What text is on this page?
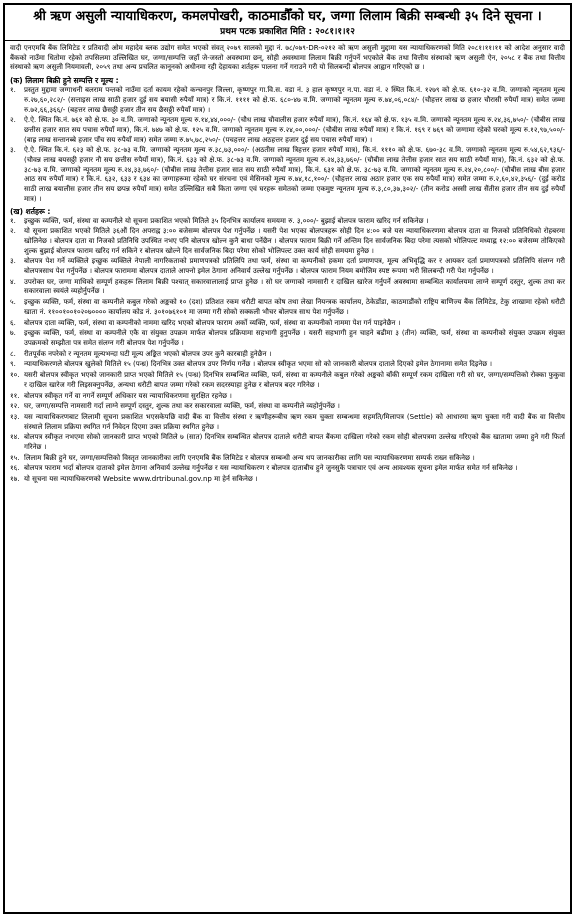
श्री ऋण असुली न्यायाधिकरण, कमलपोखरी, काठमाडौँको घर, जग्गा लिलाम बिक्री सम्बन्धी ३५ दिने सूचना ।
प्रथम पटक प्रकाशित मिति : २०८१।१।१२
वादी एनएमबि बैंक लिमिटेड र प्रतिवादी ओम महादेव ब्लक उद्योग समेत भएको संवत् २०७९ सालको मुद्दा नं. ७८/०७९-DR-०२१२ को ऋण असुली मुद्दामा यस न्यायाधिकरणको मिति २०८१।११।११ को आदेश अनुसार वादी बैंकको नाउँमा धितोमा रहेको तपसिलमा उल्लिखित घर, जग्गा/सम्पत्ति जहाँ जे-जस्तो अवस्थामा छन्, सोही अवस्थामा लिलाम बिक्री गर्नुपर्ने भएकोले बैंक तथा वित्तीय संस्थाको ऋण असुली ऐन, २०५८ र बैंक तथा वित्तीय संस्थाको ऋण असुली नियमावली, २०५९ तथा अन्य प्रचलित कानूनको अधीनमा रही देहायका शर्तहरू पालना गर्ने गराउने गरी यो सिलबन्दी बोलपत्र आह्वान गरिएको छ ।
(क) लिलाम बिक्री हुने सम्पत्ति र मूल्य :
१.	प्रस्तुत मुद्दामा जग्गाधनी बलराम पन्तको नाउँमा दर्ता कायम रहेको कन्चनपुर जिल्ला, कृष्णपुर गा.वि.स. वडा नं. ३ हाल कृष्णपुर न.पा. वडा नं. २ स्थित कि.नं. १२७९ को क्षे.फ. ६१०-३२ व.मि. जग्गाको न्यूनतम मूल्य रु.२७,६०,२८२/- (सत्ताइस लाख साठी हजार दुई सय बयासी रुपैयाँ मात्र) र कि.नं. ११११ को क्षे.फ. ६८०-४७ व.मि. जग्गाको न्यूनतम मूल्य रु.७४,०६,०८४/- (चौहत्तर लाख छ हजार चौरासी रुपैयाँ मात्र) समेत जम्मा रु.७२,६६,३६६/- (बहत्तर लाख छैसठ्ठी हजार तीन सय छैसठ्ठी रुपैयाँ मात्र) ।
२.	ऐ.ऐ. स्थित कि.नं. ७६१ को क्षे.फ. ३० व.मि. जग्गाको न्यूनतम मूल्य रु.१४,४४,०००/- (चौध लाख चौवालीस हजार रुपैयाँ मात्र), कि.नं. १६४ को क्षे.फ. १३५ व.मि. जग्गाको न्यूनतम मूल्य रु.२४,३६,७५०/- (चौबीस लाख छत्तीस हजार सात सय पचास रुपैयाँ मात्र), कि.नं. ७४७ को क्षे.फ. १२५ व.मि. जग्गाको न्यूनतम मूल्य रु.२४,००,०००/- (चौबीस लाख रुपैयाँ मात्र) र कि.नं. १६९ र ७६९ को जग्गामा रहेको घरको मूल्य रु.१२,९७,५००/- (बाह्र लाख सन्तानब्बे हजार पाँच सय रुपैयाँ मात्र) समेत जम्मा रु.७५,७८,२५०/- (पचहत्तर लाख अठहत्तर हजार दुई सय पचास रुपैयाँ मात्र) ।
३.	ऐ.ऐ. स्थित कि.नं. ६२३ को क्षे.फ. ३८-७३ व.मि. जग्गाको न्यूनतम मूल्य रु.३८,७३,०००/- (अठतीस लाख त्रिहत्तर हजार रुपैयाँ मात्र), कि.नं. १११० को क्षे.फ. ६७०-३८ व.मि. जग्गाको न्यूनतम मूल्य रु.५४,६२,९३६/- (चौवन्न लाख बयसठ्ठी हजार नौ सय छत्तीस रुपैयाँ मात्र), कि.नं. ६३३ को क्षे.फ. ३८-७३ व.मि. जग्गाको न्यूनतम मूल्य रु.२४,३३,७६०/- (चौबीस लाख तेत्तीस हजार सात सय साठी रुपैयाँ मात्र), कि.नं. ६३२ को क्षे.फ. ३८-७३ व.मि. जग्गाको न्यूनतम मूल्य रु.२४,३३,७६०/- (चौबीस लाख तेत्तीस हजार सात सय साठी रुपैयाँ मात्र), कि.नं. ६३१ को क्षे.फ. ३८-७३ व.मि. जग्गाको न्यूनतम मूल्य रु.२४,२०,८००/- (चौबीस लाख बीस हजार आठ सय रुपैयाँ मात्र) र कि.नं. ६३२, ६३३ र ६३४ का जग्गाहरूमा रहेको घर संरचना एवं मेसिनको मूल्य रु.७४,१८,१००/- (चौहत्तर लाख अठार हजार एक सय रुपैयाँ मात्र) समेत जम्मा रु.२,६०,४२,३५६/- (दुई करोड साठी लाख बयालीस हजार तीन सय छपन्न रुपैयाँ मात्र) समेत उल्लिखित सबै किता जग्गा एवं घरहरू समेतको जम्मा एकमुष्ट न्यूनतम मूल्य रु.३,८०,३७,३०२/- (तीन करोड अस्सी लाख सैंतीस हजार तीन सय दुई रुपैयाँ मात्र) ।
(ख) शर्तहरू :
१.	इच्छुक व्यक्ति, फर्म, संस्था वा कम्पनीले यो सूचना प्रकाशित भएको मितिले ३५ दिनभित्र कार्यालय समयमा रु. ३,०००/- बुझाई बोलपत्र फाराम खरिद गर्न सकिनेछ ।
२.	यो सूचना प्रकाशित भएको मितिले ३६औं दिन अपराह्न ३:०० बजेसम्म बोलपत्र पेश गर्नुपर्नेछ । यसरी पेश भएका बोलपत्रहरू सोही दिन ४:०० बजे यस न्यायाधिकरणमा बोलपत्र दाता वा निजको प्रतिनिधिको रोहबरमा खोलिनेछ । बोलपत्र दाता वा निजको प्रतिनिधि उपस्थित नभए पनि बोलपत्र खोल्न कुनै बाधा पर्नेछैन । बोलपत्र फाराम बिक्री गर्ने अन्तिम दिन सार्वजनिक बिदा परेमा त्यसको भोलिपल्ट मध्याह्न १२:०० बजेसम्म तोकिएको शुल्क बुझाई बोलपत्र फाराम खरिद गर्न सकिने र बोलपत्र खोल्ने दिन सार्वजनिक बिदा परेमा सोको भोलिपल्ट उक्त कार्य सोही समयमा हुनेछ ।
३.	बोलपत्र पेश गर्ने व्यक्तिले इच्छुक व्यक्तिले नेपाली नागरिकताको प्रमाणपत्रको प्रतिलिपि तथा फर्म, संस्था वा कम्पनीको हकमा दर्ता प्रमाणपत्र, मूल्य अभिवृद्धि कर र आयकर दर्ता प्रमाणपत्रको प्रतिलिपि संलग्न गरी बोलपत्रसाथ पेश गर्नुपर्नेछ । बोलपत्र फाराममा बोलपत्र दाताले आफ्नो इमेल ठेगाना अनिवार्य उल्लेख गर्नुपर्नेछ । बोलपत्र फाराम नियम बमोजिम स्पष्ट रूपमा भरी सिलबन्दी गरी पेश गर्नुपर्नेछ ।
४.	उपरोक्त घर, जग्गा माथिको सम्पूर्ण हकहरू लिलाम बिक्री पश्चात् सकारवालालाई प्राप्त हुनेछ । सो घर जग्गाको नामसारी र दाखिल खारेज गर्नुपर्ने अवस्थामा सम्बन्धित कार्यालयमा लाग्ने सम्पूर्ण दस्तुर, शुल्क तथा कर सकारवाला स्वयंले व्यहोर्नुपर्नेछ ।
५.	इच्छुक व्यक्ति, फर्म, संस्था वा कम्पनीले कबुल गरेको अङ्कको १० (दश) प्रतिशत रकम धरौटी बापत कोष तथा लेखा नियन्त्रक कार्यालय, ठेकेडाँडा, काठमाडौंको राष्ट्रिय बाणिज्य बैंक लिमिटेड, टेकु शाखामा रहेको धरौटी खाता नं. ११००१००१०२०७०००० कार्यालय कोड नं. ३०१०७६१०१ मा जम्मा गरी सोको सक्कली भौचर बोलपत्र साथ पेश गर्नुपर्नेछ ।
६.	बोलपत्र दाता व्यक्ति, फर्म, संस्था वा कम्पनीको नाममा खरिद भएको बोलपत्र फाराम अर्को व्यक्ति, फर्म, संस्था वा कम्पनीको नाममा पेश गर्न पाइनेछैन ।
७.	इच्छुक व्यक्ति, फर्म, संस्था वा कम्पनीले एकै वा संयुक्त उपक्रम मार्फत बोलपत्र प्रक्रियामा सहभागी हुनुपर्नेछ । यसरी सहभागी हुन चाहने बढीमा ३ (तीन) व्यक्ति, फर्म, संस्था वा कम्पनीको संयुक्त उपक्रम संयुक्त उपक्रमको सम्झौता पत्र समेत संलग्न गरी बोलपत्र पेश गर्नुपर्नेछ ।
८.	रीतपूर्वक नपरेको र न्यूनतम मूल्यभन्दा घटी मूल्य अङ्कित भएको बोलपत्र उपर कुनै कारबाही हुनेछैन ।
९.	न्यायाधिकरणले बोलपत्र खुलेको मितिले १५ (पन्ध्र) दिनभित्र उक्त बोलपत्र उपर निर्णय गर्नेछ । बोलपत्र स्वीकृत भएमा सो को जानकारी बोलपत्र दाताले दिएको इमेल ठेगानामा समेत दिइनेछ ।
१०. यसरी बोलपत्र स्वीकृत भएको जानकारी प्राप्त भएको मितिले १५ (पन्ध्र) दिनभित्र सम्बन्धित व्यक्ति, फर्म, संस्था वा कम्पनीले कबुल गरेको अङ्कको बाँकी सम्पूर्ण रकम दाखिला गरी सो घर, जग्गा/सम्पत्तिको रोक्का फुकुवा र दाखिल खारेज गरी लिइसक्नुपर्नेछ, अन्यथा धरौटी बापत जम्मा गरेको रकम सदरस्याहा हुनेछ र बोलपत्र बदर गरिनेछ ।
११. बोलपत्र स्वीकृत गर्ने वा नगर्ने सम्पूर्ण अधिकार यस न्यायाधिकरणमा सुरक्षित रहनेछ ।
१२. घर, जग्गा/सम्पत्ति नामसारी गर्दा लाग्ने सम्पूर्ण दस्तुर, शुल्क तथा कर सकारवाला व्यक्ति, फर्म, संस्था वा कम्पनीले व्यहोर्नुपर्नेछ ।
१३. यस न्यायाधिकरणबाट लिलामी सूचना प्रकाशित भएसकेपछि वादी बैंक वा वित्तीय संस्था र ऋणीहरूबीच ऋण रकम चुक्ता सम्बन्धमा सहमति/मिलापत्र (Settle) को आधारमा ऋण चुक्ता गरी वादी बैंक वा वित्तीय संस्थाले लिलाम प्रक्रिया स्थगित गर्न निवेदन दिएमा उक्त प्रक्रिया स्थगित हुनेछ ।
१४. बोलपत्र स्वीकृत नभएमा सोको जानकारी प्राप्त भएको मितिले ७ (सात) दिनभित्र सम्बन्धित बोलपत्र दाताले धरौटी बापत बैंकमा दाखिला गरेको रकम सोही बोलपत्रमा उल्लेख गरिएको बैंक खातामा जम्मा हुने गरी फिर्ता गरिनेछ ।
१५. लिलाम बिक्री हुने घर, जग्गा/सम्पत्तिको विस्तृत जानकारीका लागि एनएमबि बैंक लिमिटेड र बोलपत्र सम्बन्धी अन्य थप जानकारीका लागि यस न्यायाधिकरणमा सम्पर्क राख्न सकिनेछ ।
१६. बोलपत्र फाराम भर्दा बोलपत्र दाताको इमेल ठेगाना अनिवार्य उल्लेख गर्नुपर्नेछ र यस न्यायाधिकरण र बोलपत्र दाताबीच हुने जुनसुकै पत्राचार एवं अन्य आवश्यक सूचना इमेल मार्फत समेत गर्न सकिनेछ ।
१७. यो सूचना यस न्यायाधिकरणको Website www.drtribunal.gov.np मा हेर्न सकिनेछ ।
